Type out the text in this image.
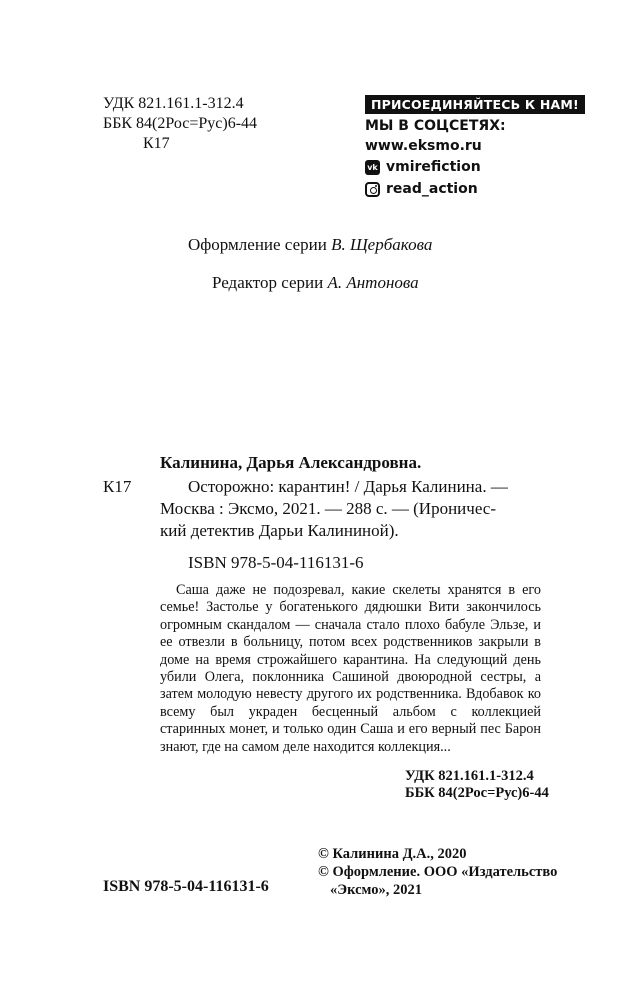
УДК 821.161.1-312.4
ББК 84(2Рос=Рус)6-44
К17
ПРИСОЕДИНЯЙТЕСЬ К НАМ!
МЫ В СОЦСЕТЯХ:
www.eksmo.ru
vk vmirefiction
read_action
Оформление серии В. Щербакова
Редактор серии А. Антонова
Калинина, Дарья Александровна.
К17	Осторожно: карантин! / Дарья Калинина. —
Москва : Эксмо, 2021. — 288 с. — (Ироничес-
кий детектив Дарьи Калининой).
ISBN 978-5-04-116131-6
Саша даже не подозревал, какие скелеты хранятся в его семье! Застолье у богатенького дядюшки Вити закончилось огромным скандалом — сначала стало плохо бабуле Эльзе, и ее отвезли в больницу, потом всех родственников закрыли в доме на время строжайшего карантина. На следующий день убили Олега, поклонника Сашиной двоюродной сестры, а затем молодую невесту другого их родственника. Вдобавок ко всему был украден бесценный альбом с коллекцией старинных монет, и только один Саша и его верный пес Барон знают, где на самом деле находится коллекция...
УДК 821.161.1-312.4
ББК 84(2Рос=Рус)6-44
ISBN 978-5-04-116131-6
© Калинина Д.А., 2020
© Оформление. ООО «Издательство
«Эксмо», 2021
